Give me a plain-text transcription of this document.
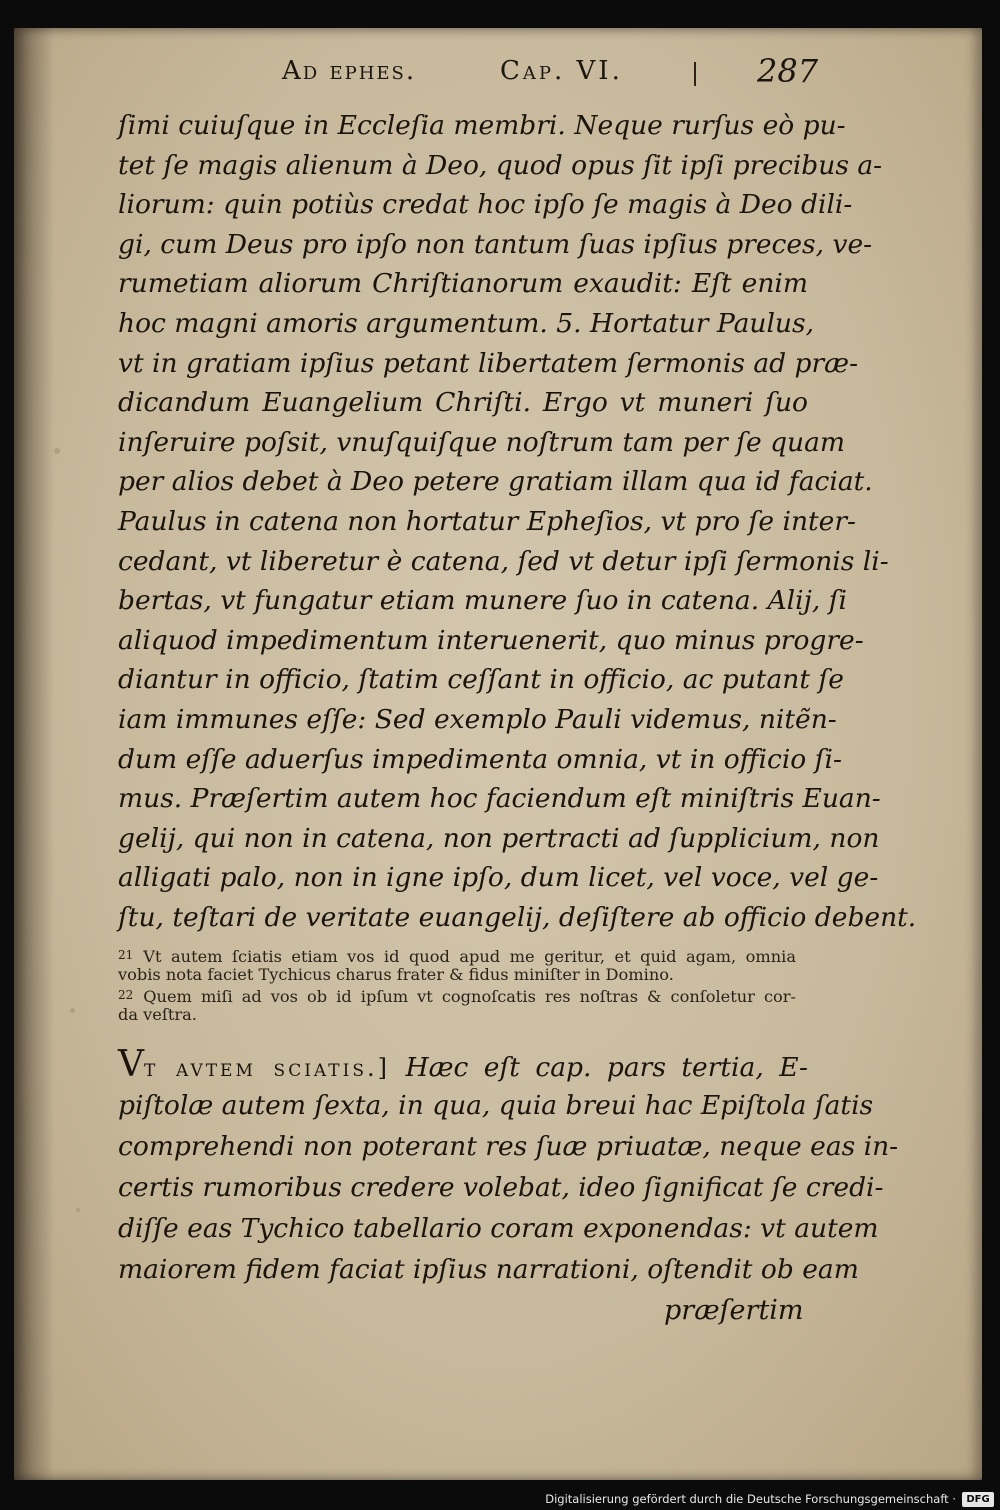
Ad ephes.	Cap. VI.	287
ſimi cuiuſque in Eccleſia membri. Neque rurſus eò pu-
tet ſe magis alienum à Deo, quod opus ſit ipſi precibus a-
liorum: quin potiùs credat hoc ipſo ſe magis à Deo dili-
gi, cum Deus pro ipſo non tantum ſuas ipſius preces, ve-
rumetiam aliorum Chriſtianorum exaudit: Eſt enim
hoc magni amoris argumentum. 5. Hortatur Paulus,
vt in gratiam ipſius petant libertatem ſermonis ad præ-
dicandum Euangelium Chriſti. Ergo vt muneri ſuo
inſeruire poſsit, vnuſquiſque noſtrum tam per ſe quam
per alios debet à Deo petere gratiam illam qua id faciat.
Paulus in catena non hortatur Epheſios, vt pro ſe inter-
cedant, vt liberetur è catena, ſed vt detur ipſi ſermonis li-
bertas, vt fungatur etiam munere ſuo in catena. Alij, ſi
aliquod impedimentum interuenerit, quo minus progre-
diantur in officio, ſtatim ceſſant in officio, ac putant ſe
iam immunes eſſe: Sed exemplo Pauli videmus, nitẽn-
dum eſſe aduerſus impedimenta omnia, vt in officio ſi-
mus. Præſertim autem hoc faciendum eſt miniſtris Euan-
gelij, qui non in catena, non pertracti ad ſupplicium, non
alligati palo, non in igne ipſo, dum licet, vel voce, vel ge-
ſtu, teſtari de veritate euangelij, deſiſtere ab officio debent.
21 Vt autem ſciatis etiam vos id quod apud me geritur, et quid agam, omnia
vobis nota faciet Tychicus charus frater & fidus miniſter in Domino.
22 Quem miſi ad vos ob id ipſum vt cognoſcatis res noſtras & conſoletur cor-
da veſtra.
Vt avtem sciatis.] Hæc eſt cap. pars tertia, E-
piſtolæ autem ſexta, in qua, quia breui hac Epiſtola ſatis
comprehendi non poterant res ſuæ priuatæ, neque eas in-
certis rumoribus credere volebat, ideo ſignificat ſe credi-
diſſe eas Tychico tabellario coram exponendas: vt autem
maiorem fidem faciat ipſius narrationi, oſtendit ob eam
præſertim
Digitalisierung gefördert durch die Deutsche Forschungsgemeinschaft ·	DFG
